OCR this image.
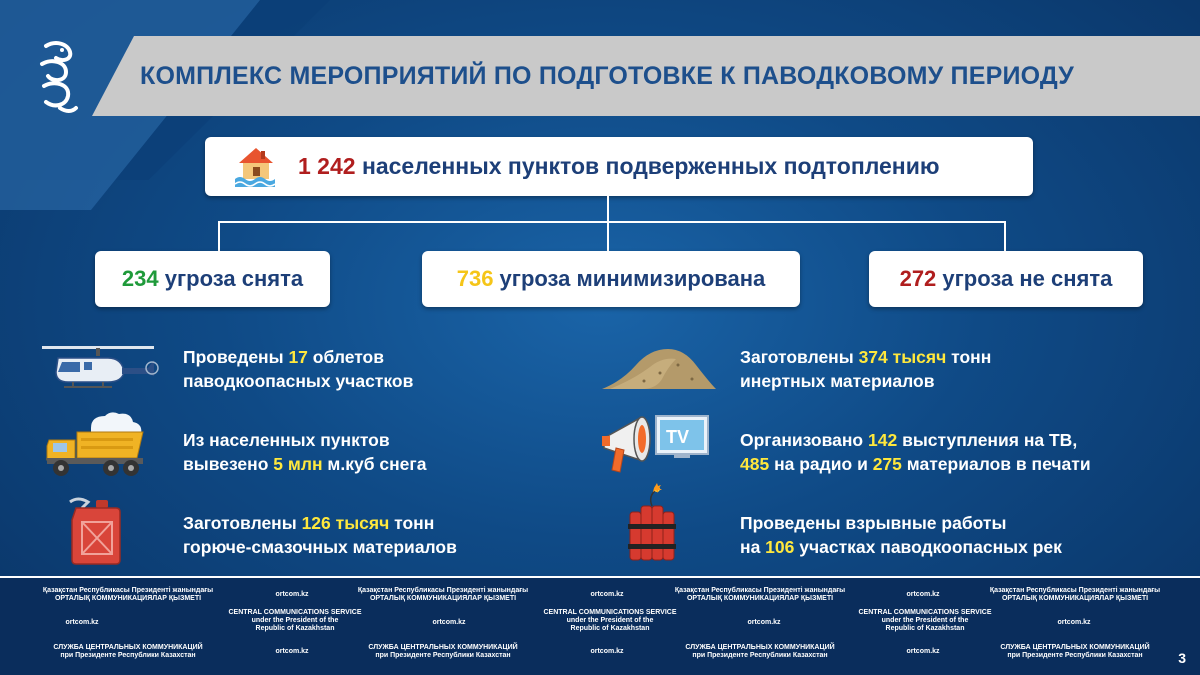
КОМПЛЕКС МЕРОПРИЯТИЙ ПО ПОДГОТОВКЕ К ПАВОДКОВОМУ ПЕРИОДУ
1 242 населенных пунктов подверженных подтоплению
234 угроза снята	736 угроза минимизирована	272 угроза не снята
Проведены 17 облетов
паводкоопасных участков
Из населенных пунктов
вывезено 5 млн м.куб снега
Заготовлены 126 тысяч тонн
горюче-смазочных материалов
Заготовлены 374 тысяч тонн
инертных материалов
TV	Организовано 142 выступления на ТВ,
485 на радио и 275 материалов в печати
Проведены взрывные работы
на 106 участках паводкоопасных рек
Қазақстан Республикасы Президенті жанындағы
ОРТАЛЫҚ КОММУНИКАЦИЯЛАР ҚЫЗМЕТІ
ortcom.kz
Қазақстан Республикасы Президенті жанындағы
ОРТАЛЫҚ КОММУНИКАЦИЯЛАР ҚЫЗМЕТІ
ortcom.kz
Қазақстан Республикасы Президенті жанындағы
ОРТАЛЫҚ КОММУНИКАЦИЯЛАР ҚЫЗМЕТІ
ortcom.kz
Қазақстан Республикасы Президенті жанындағы
ОРТАЛЫҚ КОММУНИКАЦИЯЛАР ҚЫЗМЕТІ
ortcom.kz
CENTRAL COMMUNICATIONS SERVICE
under the President of the
Republic of Kazakhstan
ortcom.kz
CENTRAL COMMUNICATIONS SERVICE
under the President of the
Republic of Kazakhstan
ortcom.kz
CENTRAL COMMUNICATIONS SERVICE
under the President of the
Republic of Kazakhstan
ortcom.kz
СЛУЖБА ЦЕНТРАЛЬНЫХ КОММУНИКАЦИЙ
при Президенте Республики Казахстан
ortcom.kz
СЛУЖБА ЦЕНТРАЛЬНЫХ КОММУНИКАЦИЙ
при Президенте Республики Казахстан
ortcom.kz
СЛУЖБА ЦЕНТРАЛЬНЫХ КОММУНИКАЦИЙ
при Президенте Республики Казахстан
ortcom.kz
СЛУЖБА ЦЕНТРАЛЬНЫХ КОММУНИКАЦИЙ
при Президенте Республики Казахстан	3
